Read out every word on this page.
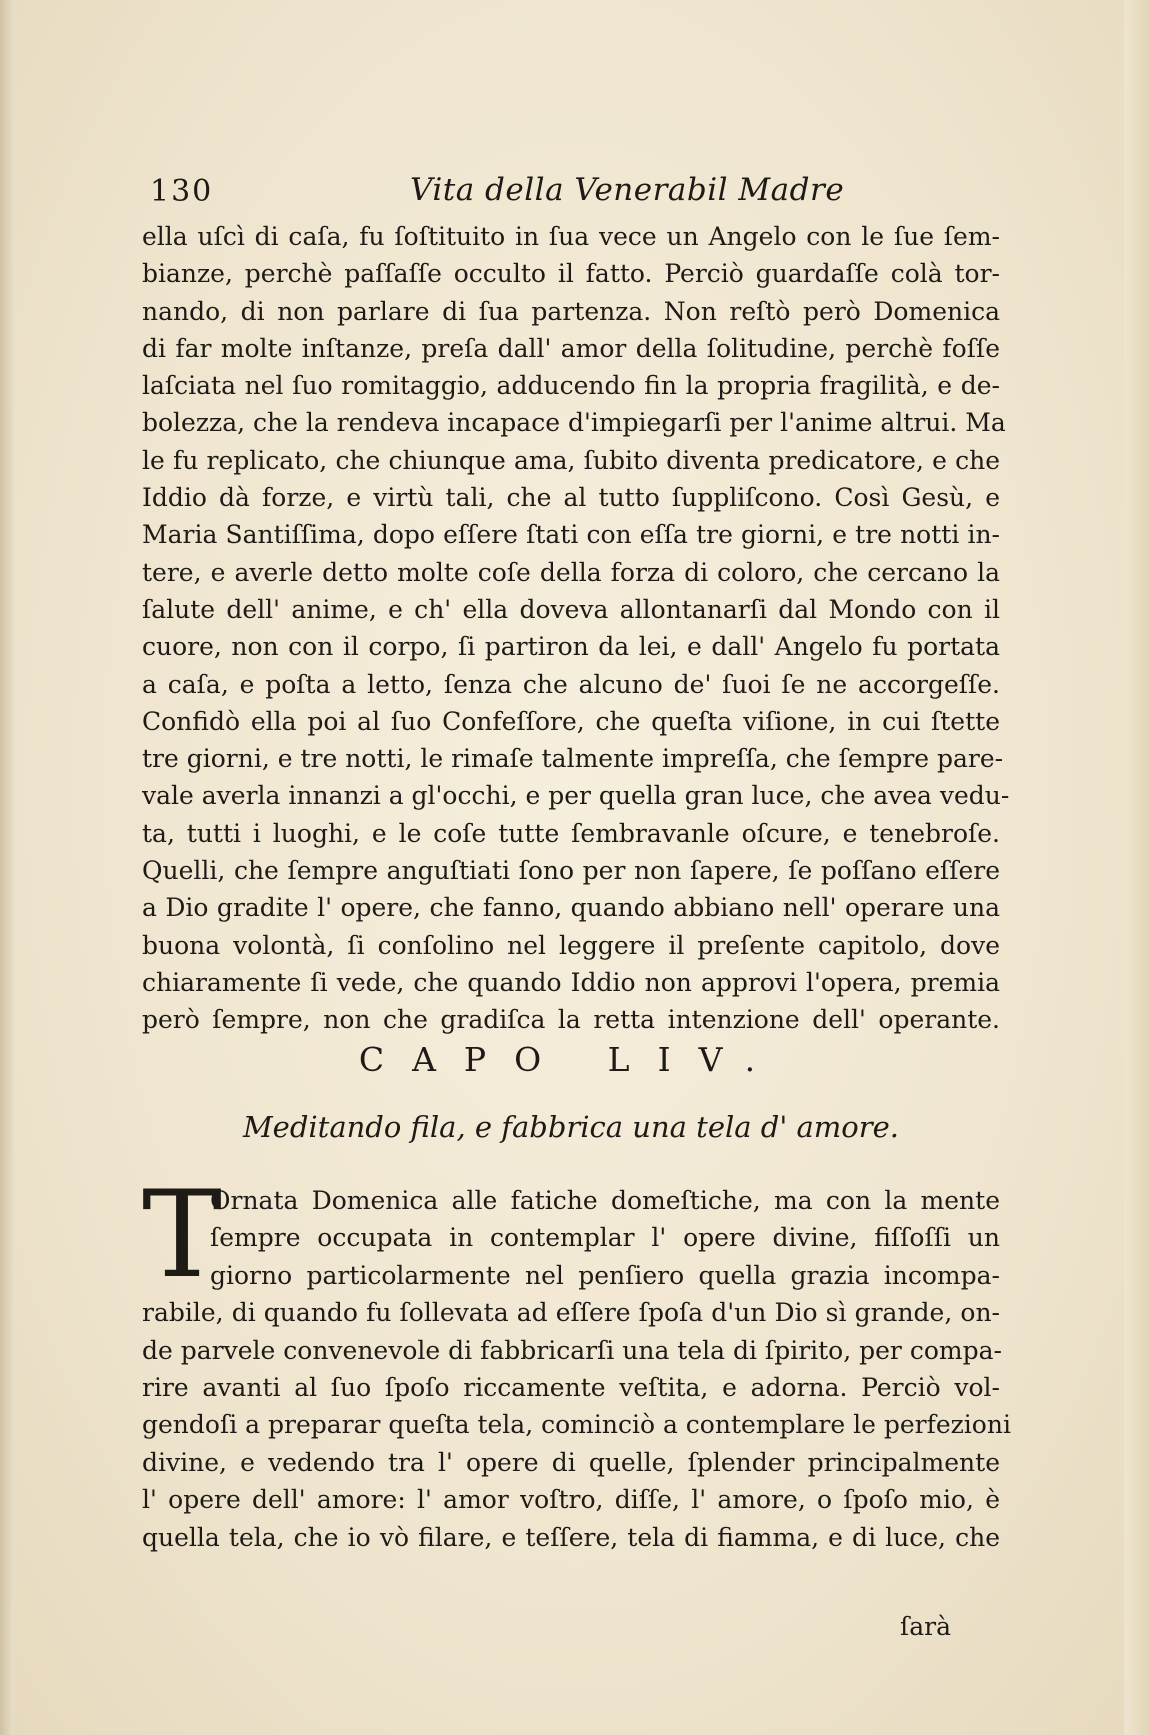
130	Vita della Venerabil Madre
ella uſcì di caſa, fu ſoſtituito in ſua vece un Angelo con le ſue ſem-
bianze, perchè paſſaſſe occulto il fatto. Perciò guardaſſe colà tor-
nando, di non parlare di ſua partenza. Non reſtò però Domenica
di far molte inſtanze, preſa dall' amor della ſolitudine, perchè foſſe
laſciata nel ſuo romitaggio, adducendo fin la propria fragilità, e de-
bolezza, che la rendeva incapace d'impiegarſi per l'anime altrui. Ma
le fu replicato, che chiunque ama, ſubito diventa predicatore, e che
Iddio dà forze, e virtù tali, che al tutto ſuppliſcono. Così Gesù, e
Maria Santiſſima, dopo eſſere ſtati con eſſa tre giorni, e tre notti in-
tere, e averle detto molte coſe della forza di coloro, che cercano la
ſalute dell' anime, e ch' ella doveva allontanarſi dal Mondo con il
cuore, non con il corpo, ſi partiron da lei, e dall' Angelo fu portata
a caſa, e poſta a letto, ſenza che alcuno de' ſuoi ſe ne accorgeſſe.
Confidò ella poi al ſuo Confeſſore, che queſta viſione, in cui ſtette
tre giorni, e tre notti, le rimaſe talmente impreſſa, che ſempre pare-
vale averla innanzi a gl'occhi, e per quella gran luce, che avea vedu-
ta, tutti i luoghi, e le coſe tutte ſembravanle oſcure, e tenebroſe.
Quelli, che ſempre anguſtiati ſono per non ſapere, ſe poſſano eſſere
a Dio gradite l' opere, che fanno, quando abbiano nell' operare una
buona volontà, ſi conſolino nel leggere il preſente capitolo, dove
chiaramente ſi vede, che quando Iddio non approvi l'opera, premia
però ſempre, non che gradiſca la retta intenzione dell' operante.
CAPO LIV.
Meditando fila, e fabbrica una tela d' amore.
T
Ornata Domenica alle fatiche domeſtiche, ma con la mente
ſempre occupata in contemplar l' opere divine, fiſſoſſi un
giorno particolarmente nel penſiero quella grazia incompa-
rabile, di quando fu ſollevata ad eſſere ſpoſa d'un Dio sì grande, on-
de parvele convenevole di fabbricarſi una tela di ſpirito, per compa-
rire avanti al ſuo ſpoſo riccamente veſtita, e adorna. Perciò vol-
gendoſi a preparar queſta tela, cominciò a contemplare le perfezioni
divine, e vedendo tra l' opere di quelle, ſplender principalmente
l' opere dell' amore: l' amor voſtro, diſſe, l' amore, o ſpoſo mio, è
quella tela, che io vò filare, e teſſere, tela di fiamma, e di luce, che
ſarà
